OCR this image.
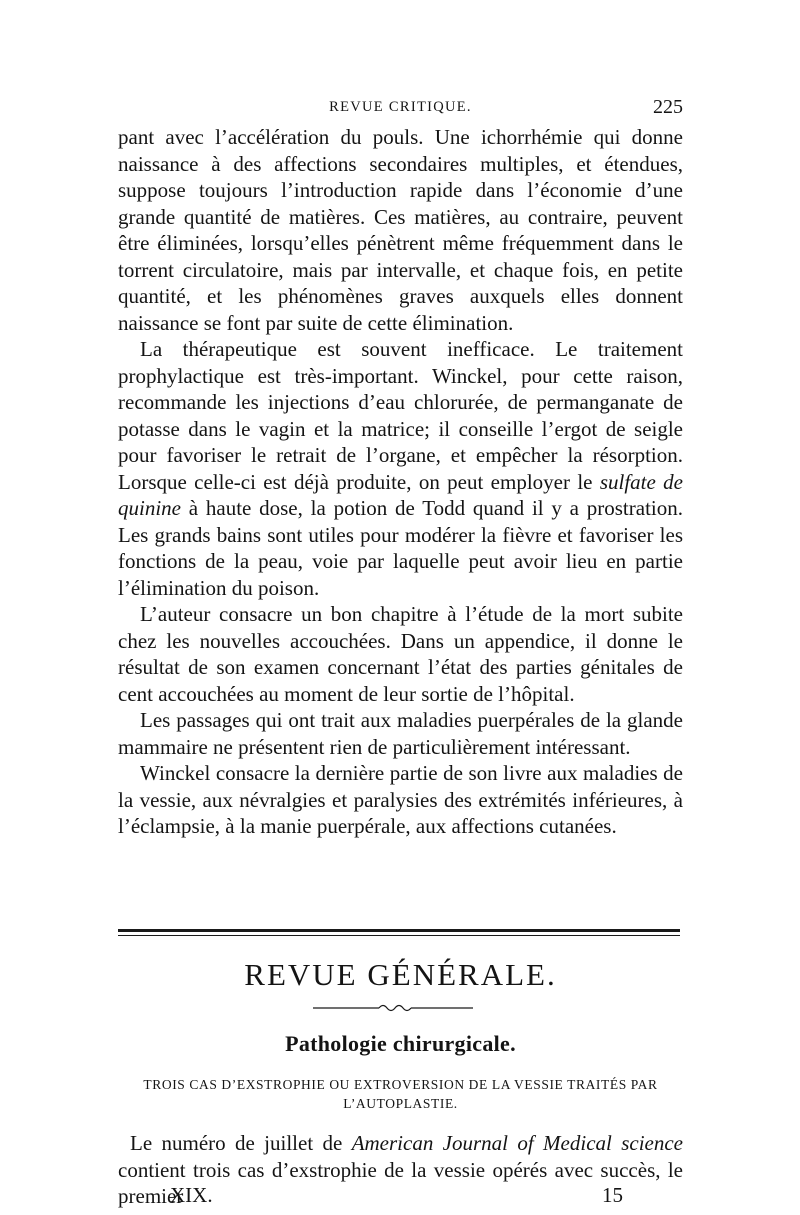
REVUE CRITIQUE.	225

pant avec l’accélération du pouls. Une ichorrhémie qui donne naissance à des affections secondaires multiples, et étendues, suppose toujours l’introduction rapide dans l’économie d’une grande quantité de matières. Ces matières, au contraire, peuvent être éliminées, lorsqu’elles pénètrent même fréquemment dans le torrent circulatoire, mais par intervalle, et chaque fois, en petite quantité, et les phénomènes graves auxquels elles donnent naissance se font par suite de cette élimination.

La thérapeutique est souvent inefficace. Le traitement prophylactique est très-important. Winckel, pour cette raison, recommande les injections d’eau chlorurée, de permanganate de potasse dans le vagin et la matrice; il conseille l’ergot de seigle pour favoriser le retrait de l’organe, et empêcher la résorption. Lorsque celle-ci est déjà produite, on peut employer le sulfate de quinine à haute dose, la potion de Todd quand il y a prostration. Les grands bains sont utiles pour modérer la fièvre et favoriser les fonctions de la peau, voie par laquelle peut avoir lieu en partie l’élimination du poison.

L’auteur consacre un bon chapitre à l’étude de la mort subite chez les nouvelles accouchées. Dans un appendice, il donne le résultat de son examen concernant l’état des parties génitales de cent accouchées au moment de leur sortie de l’hôpital.

Les passages qui ont trait aux maladies puerpérales de la glande mammaire ne présentent rien de particulièrement intéressant.

Winckel consacre la dernière partie de son livre aux maladies de la vessie, aux névralgies et paralysies des extrémités inférieures, à l’éclampsie, à la manie puerpérale, aux affections cutanées.

REVUE GÉNÉRALE.
Pathologie chirurgicale.
TROIS CAS D’EXSTROPHIE OU EXTROVERSION DE LA VESSIE TRAITÉS PAR L’AUTOPLASTIE.

Le numéro de juillet de American Journal of Medical science contient trois cas d’exstrophie de la vessie opérés avec succès, le premier

XIX.	15
